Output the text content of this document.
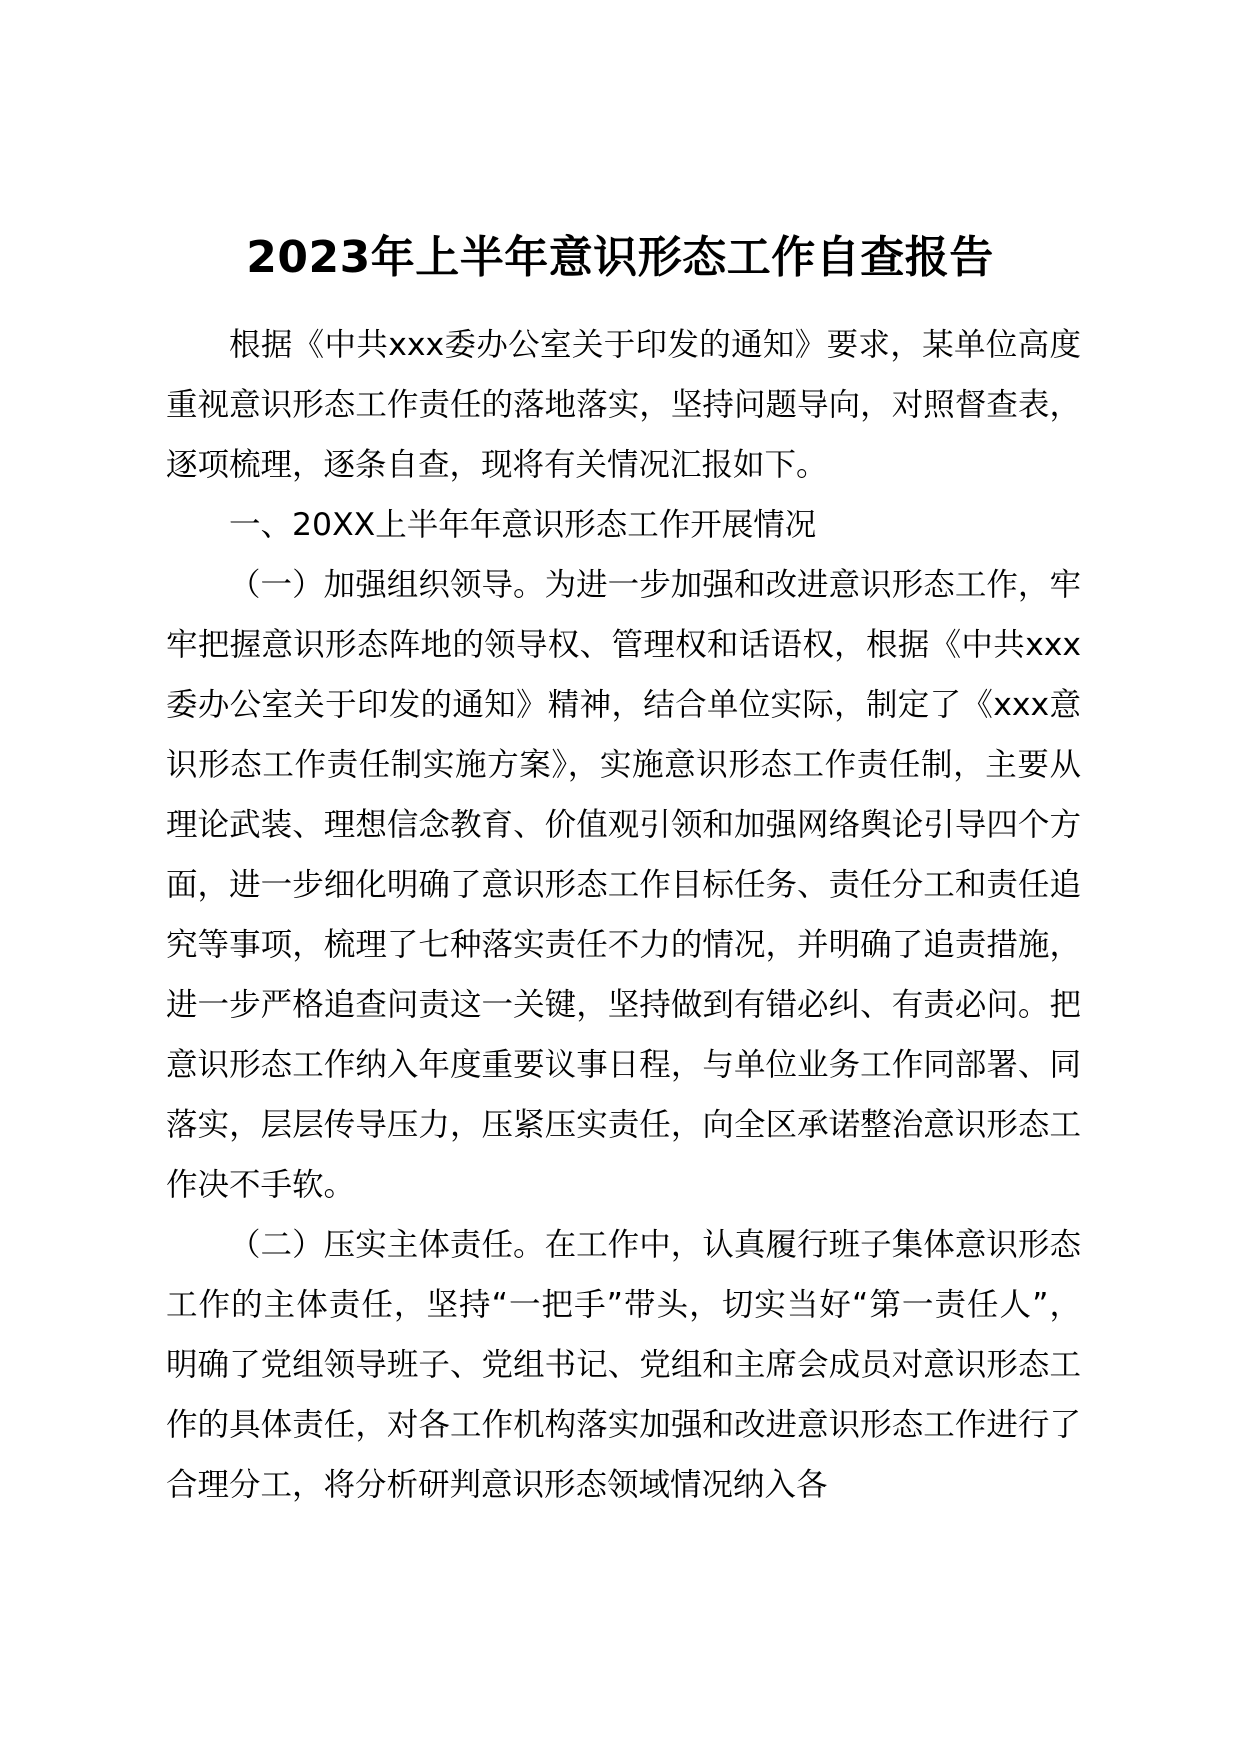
2023年上半年意识形态工作自查报告

根据《中共xxx委办公室关于印发的通知》要求，某单位高度重视意识形态工作责任的落地落实，坚持问题导向，对照督查表，逐项梳理，逐条自查，现将有关情况汇报如下。

一、20XX上半年年意识形态工作开展情况

（一）加强组织领导。为进一步加强和改进意识形态工作，牢牢把握意识形态阵地的领导权、管理权和话语权，根据《中共xxx委办公室关于印发的通知》精神，结合单位实际，制定了《xxx意识形态工作责任制实施方案》，实施意识形态工作责任制，主要从理论武装、理想信念教育、价值观引领和加强网络舆论引导四个方面，进一步细化明确了意识形态工作目标任务、责任分工和责任追究等事项，梳理了七种落实责任不力的情况，并明确了追责措施，进一步严格追查问责这一关键，坚持做到有错必纠、有责必问。把意识形态工作纳入年度重要议事日程，与单位业务工作同部署、同落实，层层传导压力，压紧压实责任，向全区承诺整治意识形态工作决不手软。

（二）压实主体责任。在工作中，认真履行班子集体意识形态工作的主体责任，坚持“一把手”带头，切实当好“第一责任人”，明确了党组领导班子、党组书记、党组和主席会成员对意识形态工作的具体责任，对各工作机构落实加强和改进意识形态工作进行了合理分工，将分析研判意识形态领域情况纳入各
